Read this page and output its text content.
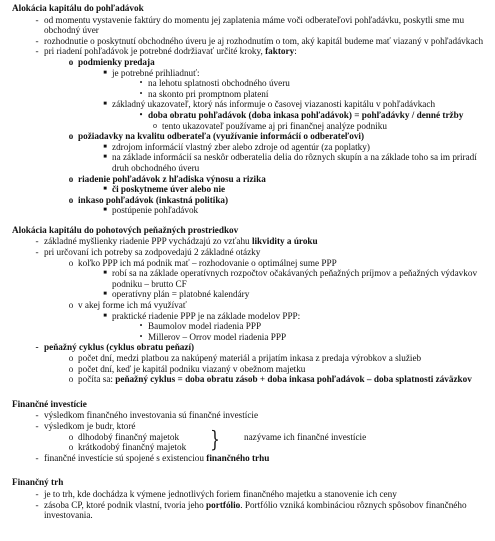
Alokácia kapitálu do pohľadávok
- od momentu vystavenie faktúry do momentu jej zaplatenia máme voči odberateľovi pohľadávku, poskytli sme mu obchodný úver
- rozhodnutie o poskytnutí obchodného úveru je aj rozhodnutím o tom, aký kapitál budeme mať viazaný v pohľadávkach
- pri riadení pohľadávok je potrebné dodržiavať určité kroky, faktory:
o podmienky predaja
■ je potrebné prihliadnuť:
• na lehotu splatnosti obchodného úveru
• na skonto pri promptnom platení
■ základný ukazovateľ, ktorý nás informuje o časovej viazanosti kapitálu v pohľadávkach
• doba obratu pohľadávok (doba inkasa pohľadávok) = pohľadávky / denné tržby
o tento ukazovateľ používame aj pri finančnej analýze podniku
o požiadavky na kvalitu odberateľa (využívanie informácií o odberateľovi)
■ zdrojom informácií vlastný zber alebo zdroje od agentúr (za poplatky)
■ na základe informácií sa neskôr odberatelia delia do rôznych skupín a na základe toho sa im priradí druh obchodného úveru
o riadenie pohľadávok z hľadiska výnosu a rizika
■ či poskytneme úver alebo nie
o inkaso pohľadávok (inkastná politika)
■ postúpenie pohľadávok
Alokácia kapitálu do pohotových peňažných prostriedkov
- základné myšlienky riadenie PPP vychádzajú zo vzťahu likvidity a úroku
- pri určovaní ich potreby sa zodpovedajú 2 základné otázky
o koľko PPP ich má podnik mať – rozhodovanie o optimálnej sume PPP
■ robí sa na základe operatívnych rozpočtov očakávaných peňažných príjmov a peňažných výdavkov podniku – brutto CF
■ operatívny plán = platobné kalendáry
o v akej forme ich má využívať
■ praktické riadenie PPP je na základe modelov PPP:
• Baumolov model riadenia PPP
• Millerov – Orrov model riadenia PPP
- peňažný cyklus (cyklus obratu peňazí)
o počet dní, medzi platbou za nakúpený materiál a prijatím inkasa z predaja výrobkov a služieb
o počet dní, keď je kapitál podniku viazaný v obežnom majetku
o počíta sa: peňažný cyklus = doba obratu zásob + doba inkasa pohľadávok – doba splatnosti záväzkov
Finančné investície
- výsledkom finančného investovania sú finančné investície
- výsledkom je budr, ktoré
o dlhodobý finančný majetok
o krátkodobý finančný majetok	}	nazývame ich finančné investície
- finančné investície sú spojené s existenciou finančného trhu
Finančný trh
- je to trh, kde dochádza k výmene jednotlivých foriem finančného majetku a stanovenie ich ceny
- zásoba CP, ktoré podnik vlastní, tvoria jeho portfólio. Portfólio vzniká kombináciou rôznych spôsobov finančného investovania.
